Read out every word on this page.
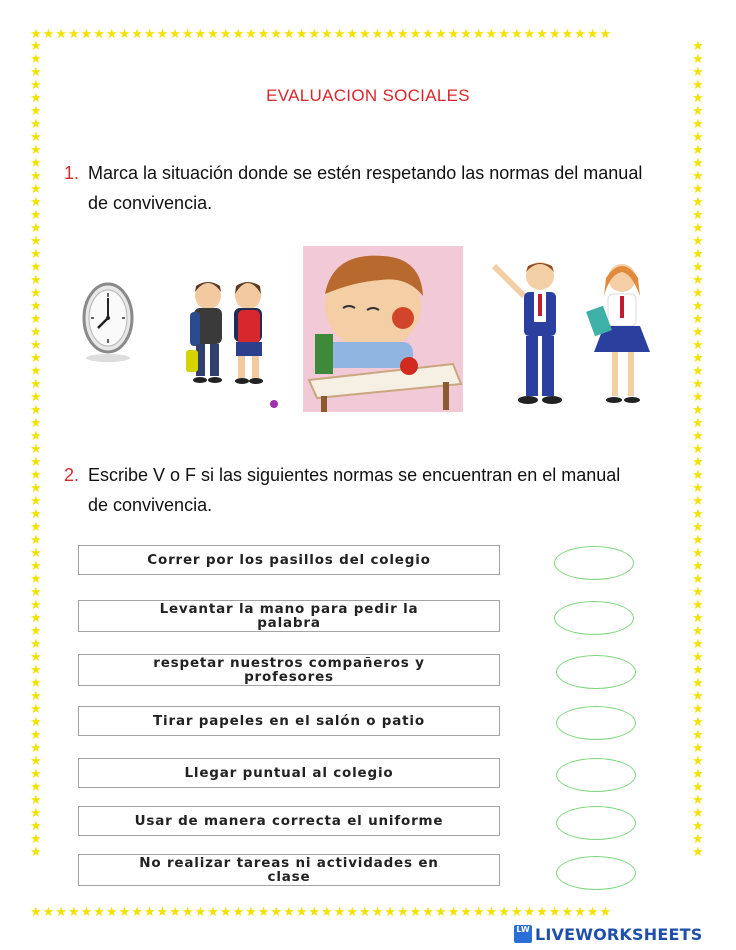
★★★★★★★★★★★★★★★★★★★★★★★★★★★★★★★★★★★★★★★★★★★★★★
★★★★★★★★★★★★★★★★★★★★★★★★★★★★★★★★★★★★★★★★★★★★★★
★★★★★★★★★★★★★★★★★★★★★★★★★★★★★★★★★★★★★★★★★★★★★★★★★★★★★★★★★★★★★★★
★★★★★★★★★★★★★★★★★★★★★★★★★★★★★★★★★★★★★★★★★★★★★★★★★★★★★★★★★★★★★★★
EVALUACION SOCIALES
1. Marca la situación donde se estén respetando las normas del manual
de convivencia.
2. Escribe V o F si las siguientes normas se encuentran en el manual
de convivencia.
Correr por los pasillos del colegio
Levantar la mano para pedir la
palabra
respetar nuestros compañeros y
profesores
Tirar papeles en el salón o patio
Llegar puntual al colegio
Usar de manera correcta el uniforme
No realizar tareas ni actividades en
clase
LW LIVEWORKSHEETS
